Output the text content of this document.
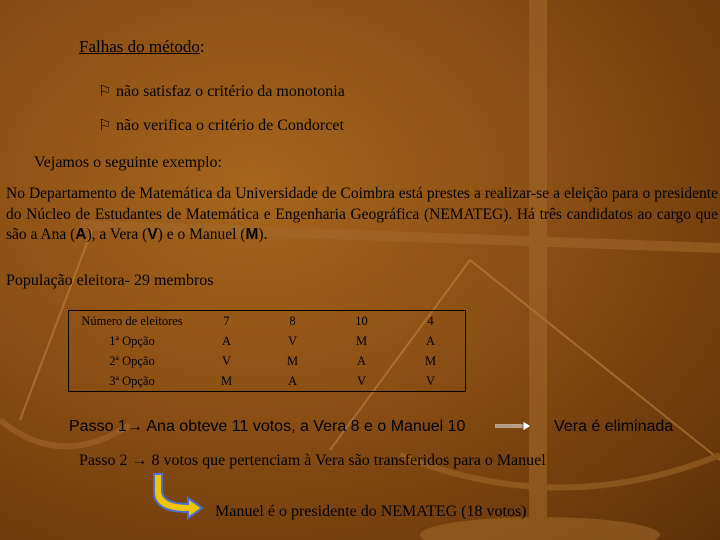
Falhas do método:
⚐ não satisfaz o critério da monotonia
⚐ não verifica o critério de Condorcet
Vejamos o seguinte exemplo:
No Departamento de Matemática da Universidade de Coimbra está prestes a realizar-se a eleição para o presidente do Núcleo de Estudantes de Matemática e Engenharia Geográfica (NEMATEG). Há três candidatos ao cargo que são a Ana (A), a Vera (V) e o Manuel (M).
População eleitora- 29 membros
Número de eleitores	7	8	10	4
1ª Opção	A	V	M	A
2ª Opção	V	M	A	M
3ª Opção	M	A	V	V
Passo 1→ Ana obteve 11 votos, a Vera 8 e o Manuel 10	Vera é eliminada
Passo 2 → 8 votos que pertenciam à Vera são transferidos para o Manuel
Manuel é o presidente do NEMATEG (18 votos)
